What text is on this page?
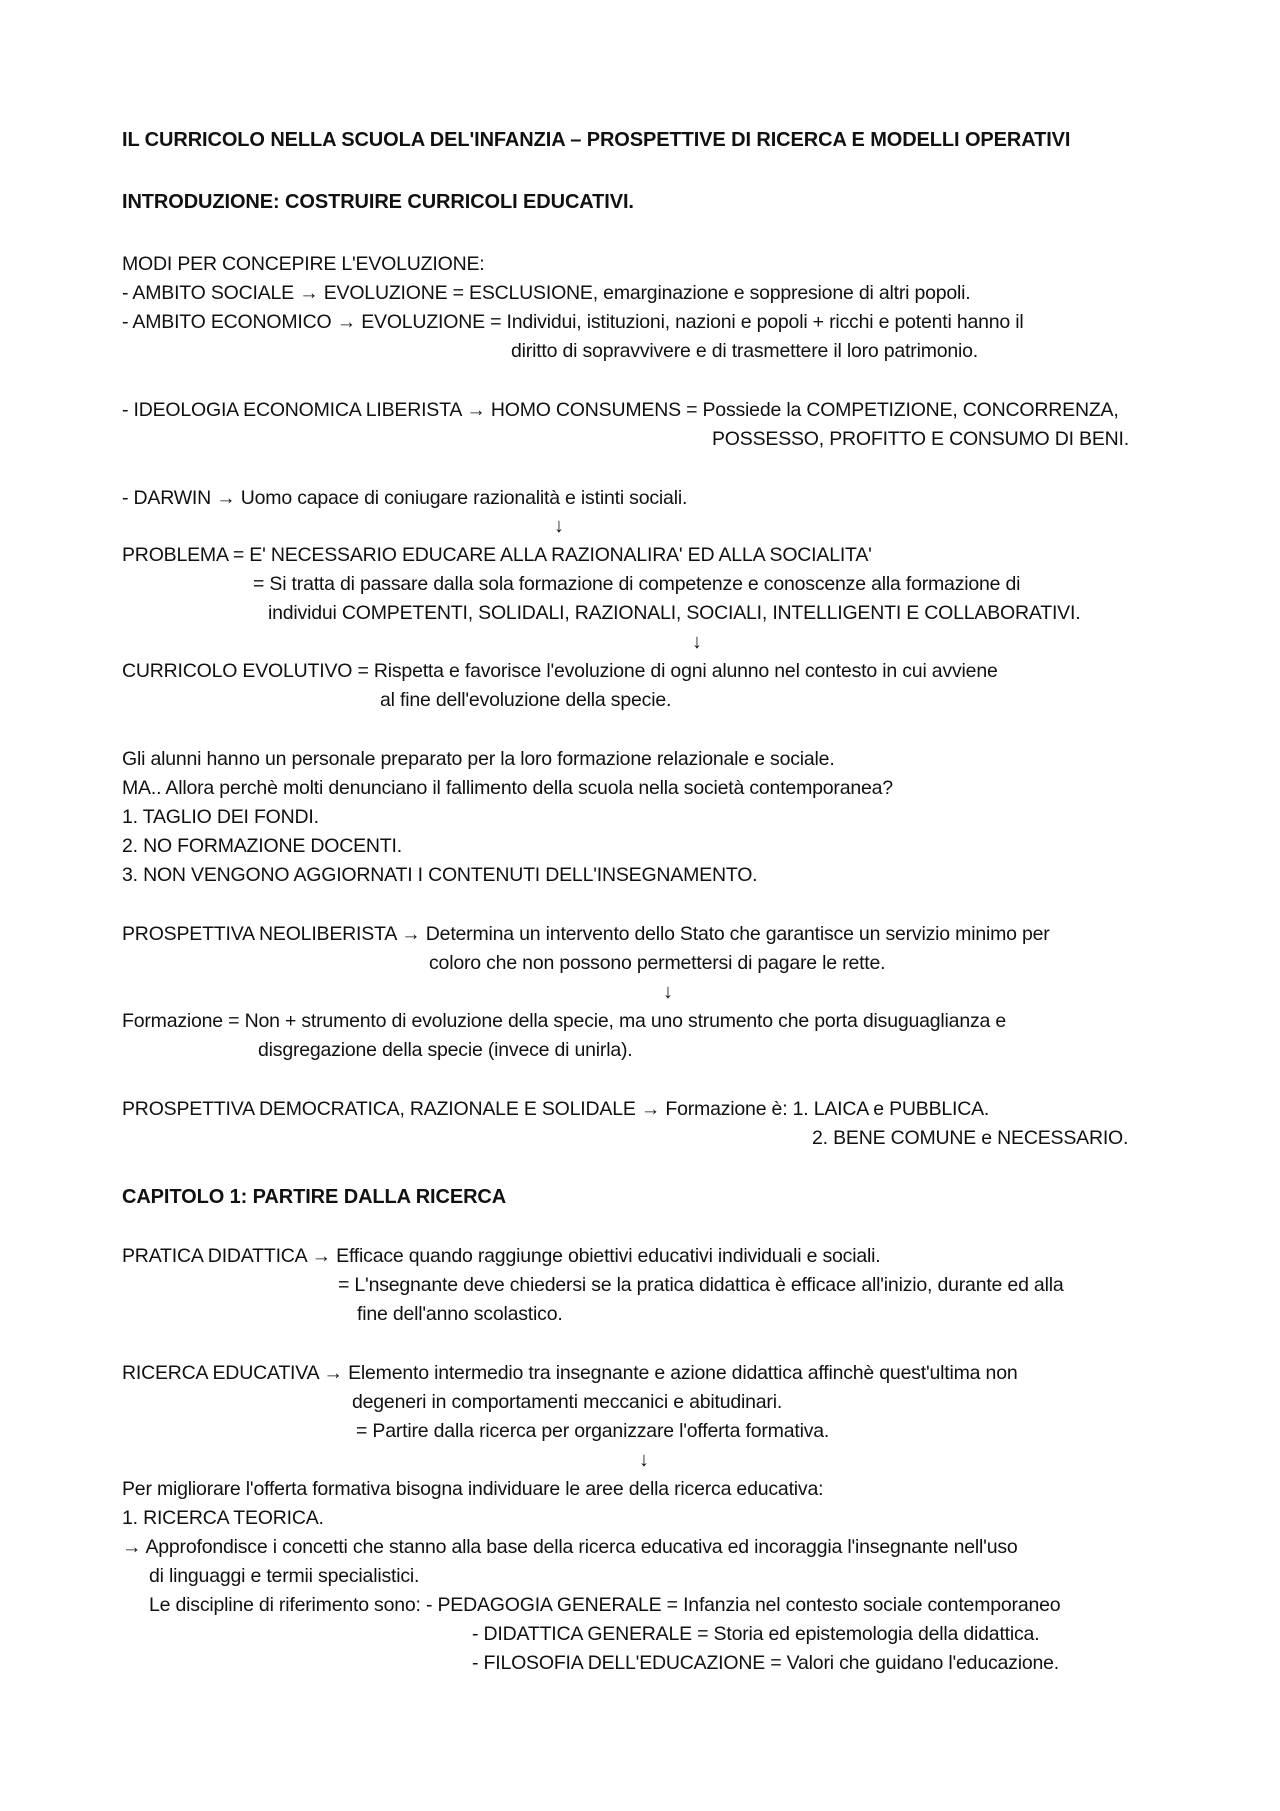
IL CURRICOLO NELLA SCUOLA DEL'INFANZIA – PROSPETTIVE DI RICERCA E MODELLI OPERATIVI
INTRODUZIONE: COSTRUIRE CURRICOLI EDUCATIVI.
MODI PER CONCEPIRE L'EVOLUZIONE:
- AMBITO SOCIALE → EVOLUZIONE = ESCLUSIONE, emarginazione e soppresione di altri popoli.
- AMBITO ECONOMICO → EVOLUZIONE = Individui, istituzioni, nazioni e popoli + ricchi e potenti hanno il
diritto di sopravvivere e di trasmettere il loro patrimonio.
- IDEOLOGIA ECONOMICA LIBERISTA → HOMO CONSUMENS = Possiede la COMPETIZIONE, CONCORRENZA,
POSSESSO, PROFITTO E CONSUMO DI BENI.
- DARWIN → Uomo capace di coniugare razionalità e istinti sociali.
↓
PROBLEMA = E' NECESSARIO EDUCARE ALLA RAZIONALIRA' ED ALLA SOCIALITA'
= Si tratta di passare dalla sola formazione di competenze e conoscenze alla formazione di
individui COMPETENTI, SOLIDALI, RAZIONALI, SOCIALI, INTELLIGENTI E COLLABORATIVI.
↓
CURRICOLO EVOLUTIVO = Rispetta e favorisce l'evoluzione di ogni alunno nel contesto in cui avviene
al fine dell'evoluzione della specie.
Gli alunni hanno un personale preparato per la loro formazione relazionale e sociale.
MA.. Allora perchè molti denunciano il fallimento della scuola nella società contemporanea?
1. TAGLIO DEI FONDI.
2. NO FORMAZIONE DOCENTI.
3. NON VENGONO AGGIORNATI I CONTENUTI DELL'INSEGNAMENTO.
PROSPETTIVA NEOLIBERISTA → Determina un intervento dello Stato che garantisce un servizio minimo per
coloro che non possono permettersi di pagare le rette.
↓
Formazione = Non + strumento di evoluzione della specie, ma uno strumento che porta disuguaglianza e
disgregazione della specie (invece di unirla).
PROSPETTIVA DEMOCRATICA, RAZIONALE E SOLIDALE → Formazione è: 1. LAICA e PUBBLICA.
2. BENE COMUNE e NECESSARIO.
CAPITOLO 1: PARTIRE DALLA RICERCA
PRATICA DIDATTICA → Efficace quando raggiunge obiettivi educativi individuali e sociali.
= L'nsegnante deve chiedersi se la pratica didattica è efficace all'inizio, durante ed alla
fine dell'anno scolastico.
RICERCA EDUCATIVA → Elemento intermedio tra insegnante e azione didattica affinchè quest'ultima non
degeneri in comportamenti meccanici e abitudinari.
= Partire dalla ricerca per organizzare l'offerta formativa.
↓
Per migliorare l'offerta formativa bisogna individuare le aree della ricerca educativa:
1. RICERCA TEORICA.
→ Approfondisce i concetti che stanno alla base della ricerca educativa ed incoraggia l'insegnante nell'uso
di linguaggi e termii specialistici.
Le discipline di riferimento sono: - PEDAGOGIA GENERALE = Infanzia nel contesto sociale contemporaneo
- DIDATTICA GENERALE = Storia ed epistemologia della didattica.
- FILOSOFIA DELL'EDUCAZIONE = Valori che guidano l'educazione.
